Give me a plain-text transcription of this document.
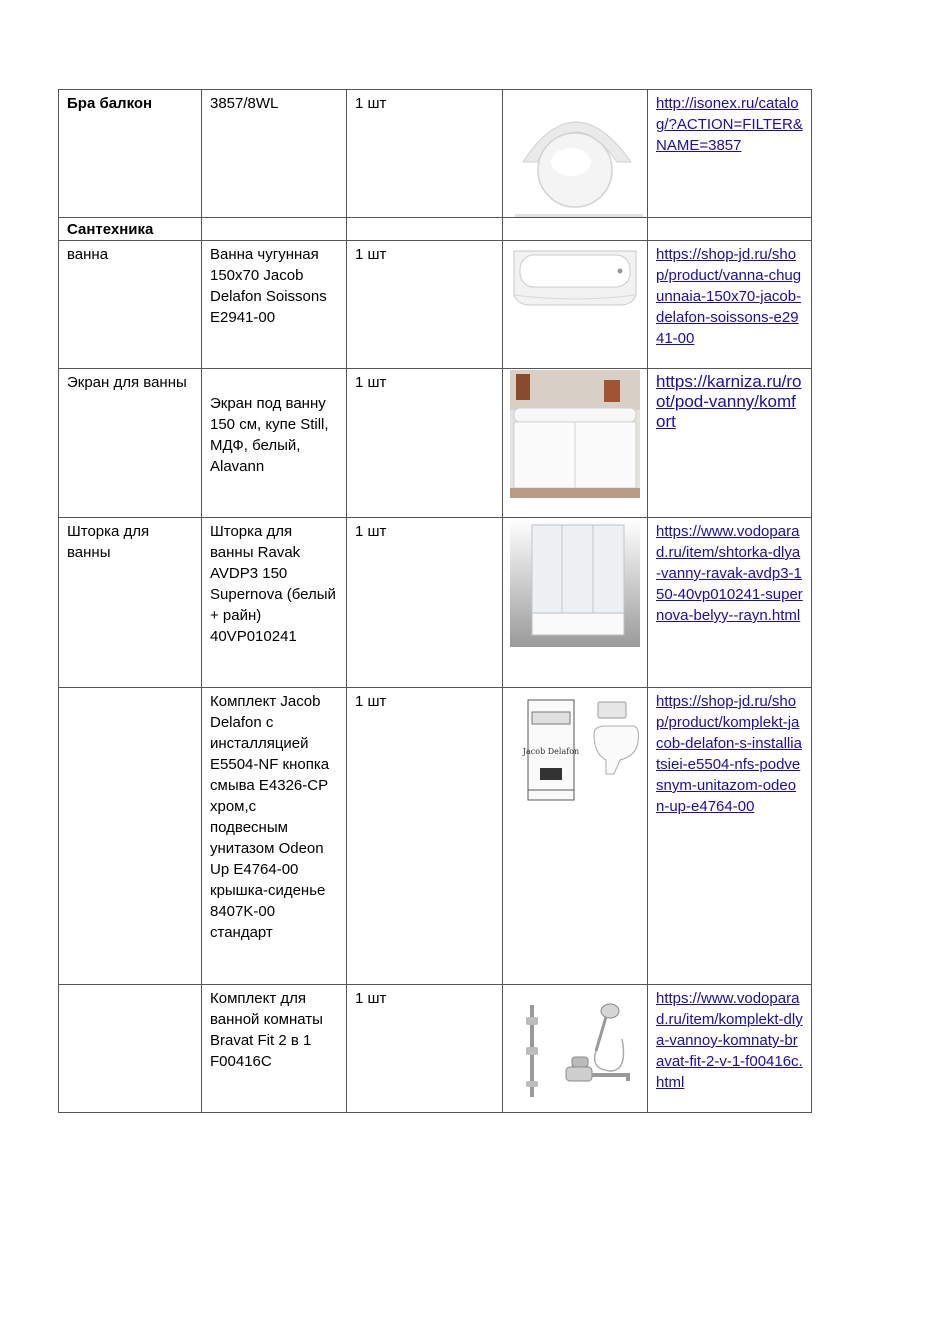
Бра балкон	3857/8WL	1 шт		http://isonex.ru/catalog/?ACTION=FILTER&NAME=3857

Сантехника				
ванна	Ванна чугунная 150х70 Jacob Delafon Soissons E2941-00	1 шт		https://shop-jd.ru/shop/product/vanna-chugunnaia-150x70-jacob-delafon-soissons-e2941-00

Экран для ванны	Экран под ванну 150 см, купе Still, МДФ, белый, Alavann	1 шт		https://karniza.ru/root/pod-vanny/komfort

Шторка для ванны	Шторка для ванны Ravak AVDP3 150 Supernova (белый + райн) 40VP010241	1 шт		https://www.vodoparad.ru/item/shtorka-dlya-vanny-ravak-avdp3-150-40vp010241-supernova-belyy--rayn.html

	Комплект Jacob Delafon с инсталляцией E5504-NF кнопка смыва E4326-CP хром,с подвесным унитазом Odeon Up E4764-00 крышка-сиденье 8407K-00 стандарт	1 шт	Jacob Delafon	https://shop-jd.ru/shop/product/komplekt-jacob-delafon-s-installiatsiei-e5504-nfs-podvesnym-unitazom-odeon-up-e4764-00

	Комплект для ванной комнаты Bravat Fit 2 в 1 F00416C	1 шт		https://www.vodoparad.ru/item/komplekt-dlya-vannoy-komnaty-bravat-fit-2-v-1-f00416c.html
